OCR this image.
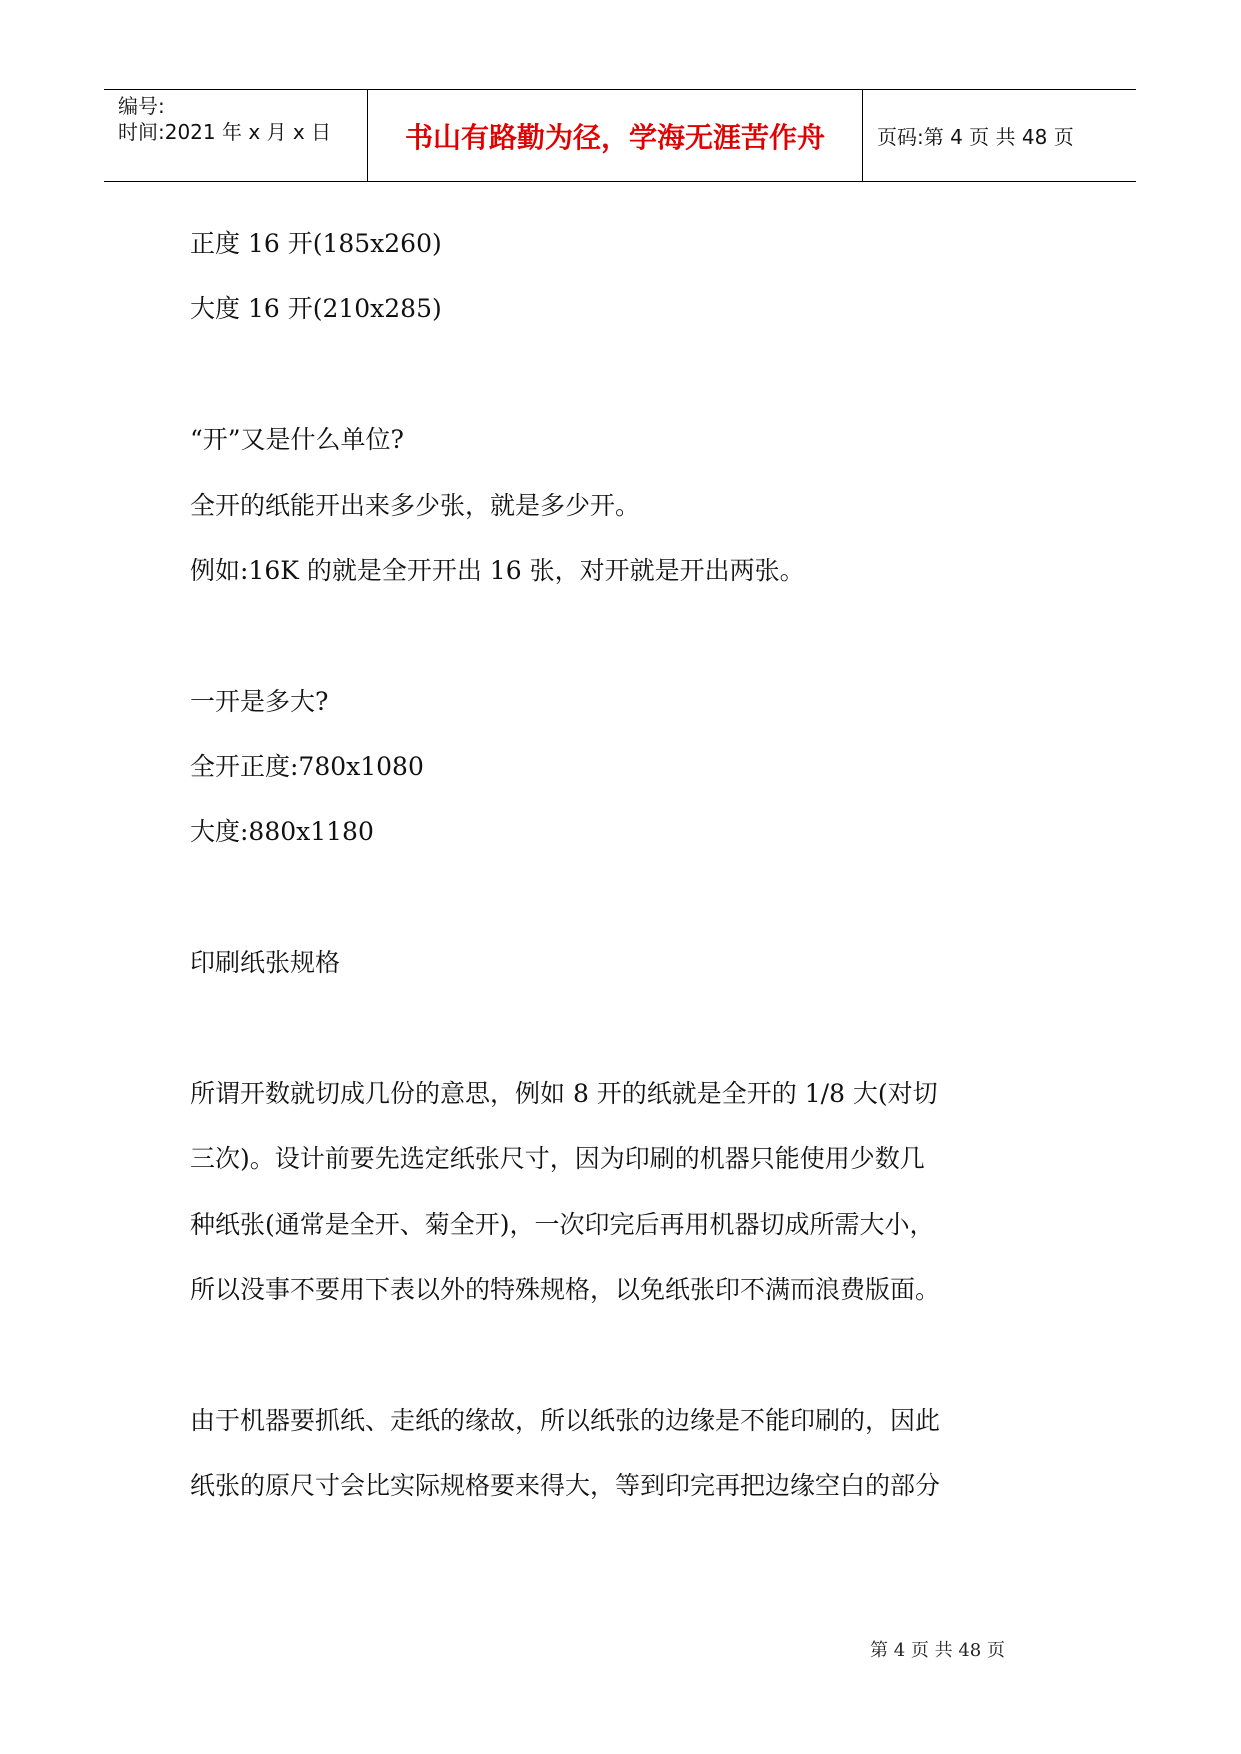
编号:
时间:2021 年 x 月 x 日	书山有路勤为径，学海无涯苦作舟	页码:第 4 页 共 48 页
正度 16 开(185x260)
大度 16 开(210x285)
“开”又是什么单位?
全开的纸能开出来多少张，就是多少开。
例如:16K 的就是全开开出 16 张，对开就是开出两张。
一开是多大?
全开正度:780x1080
大度:880x1180
印刷纸张规格
所谓开数就切成几份的意思，例如 8 开的纸就是全开的 1/8 大(对切
三次)。设计前要先选定纸张尺寸，因为印刷的机器只能使用少数几
种纸张(通常是全开、菊全开)，一次印完后再用机器切成所需大小，
所以没事不要用下表以外的特殊规格，以免纸张印不满而浪费版面。
由于机器要抓纸、走纸的缘故，所以纸张的边缘是不能印刷的，因此
纸张的原尺寸会比实际规格要来得大，等到印完再把边缘空白的部分
第 4 页 共 48 页
